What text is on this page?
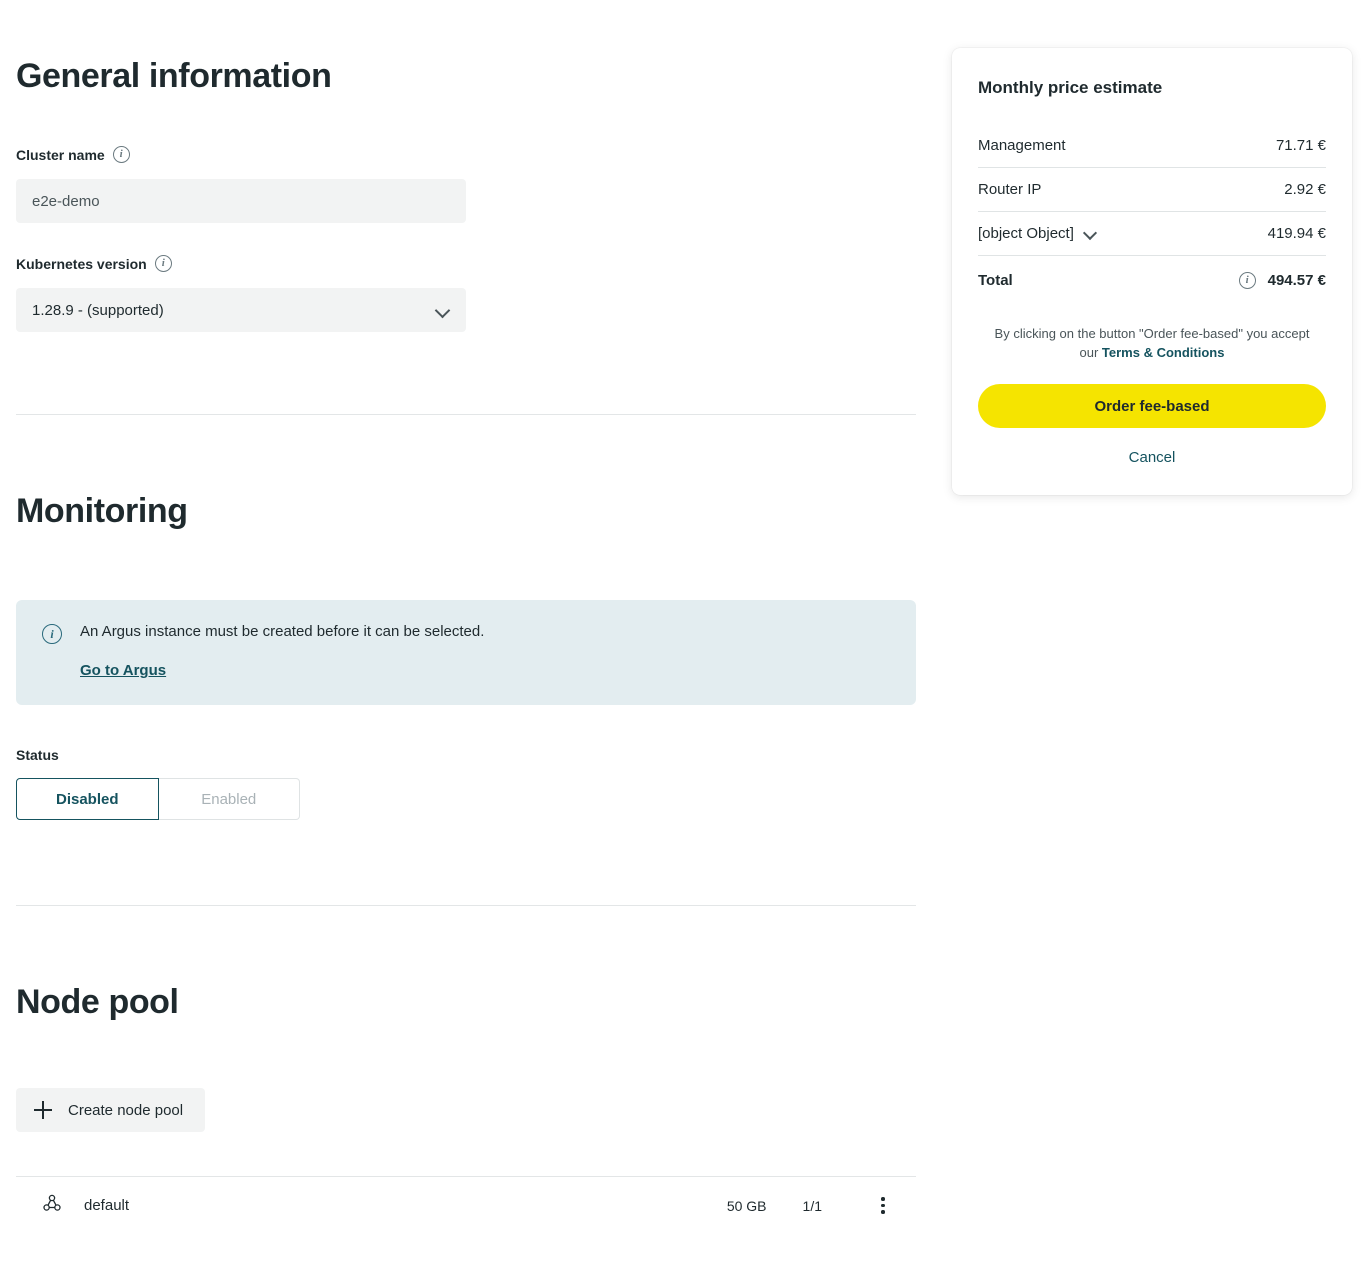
General information
Cluster name	i
e2e-demo
Kubernetes version	i
1.28.9 - (supported)
Monitoring
i	An Argus instance must be created before it can be selected.
Go to Argus
Status
Disabled	Enabled
Node pool
Create node pool
default	50 GB	1/1
Monthly price estimate
Management	71.71 €
Router IP	2.92 €
[object Object]	419.94 €
Total	i	494.57 €
By clicking on the button "Order fee-based" you accept our Terms & Conditions
Order fee-based
Cancel
